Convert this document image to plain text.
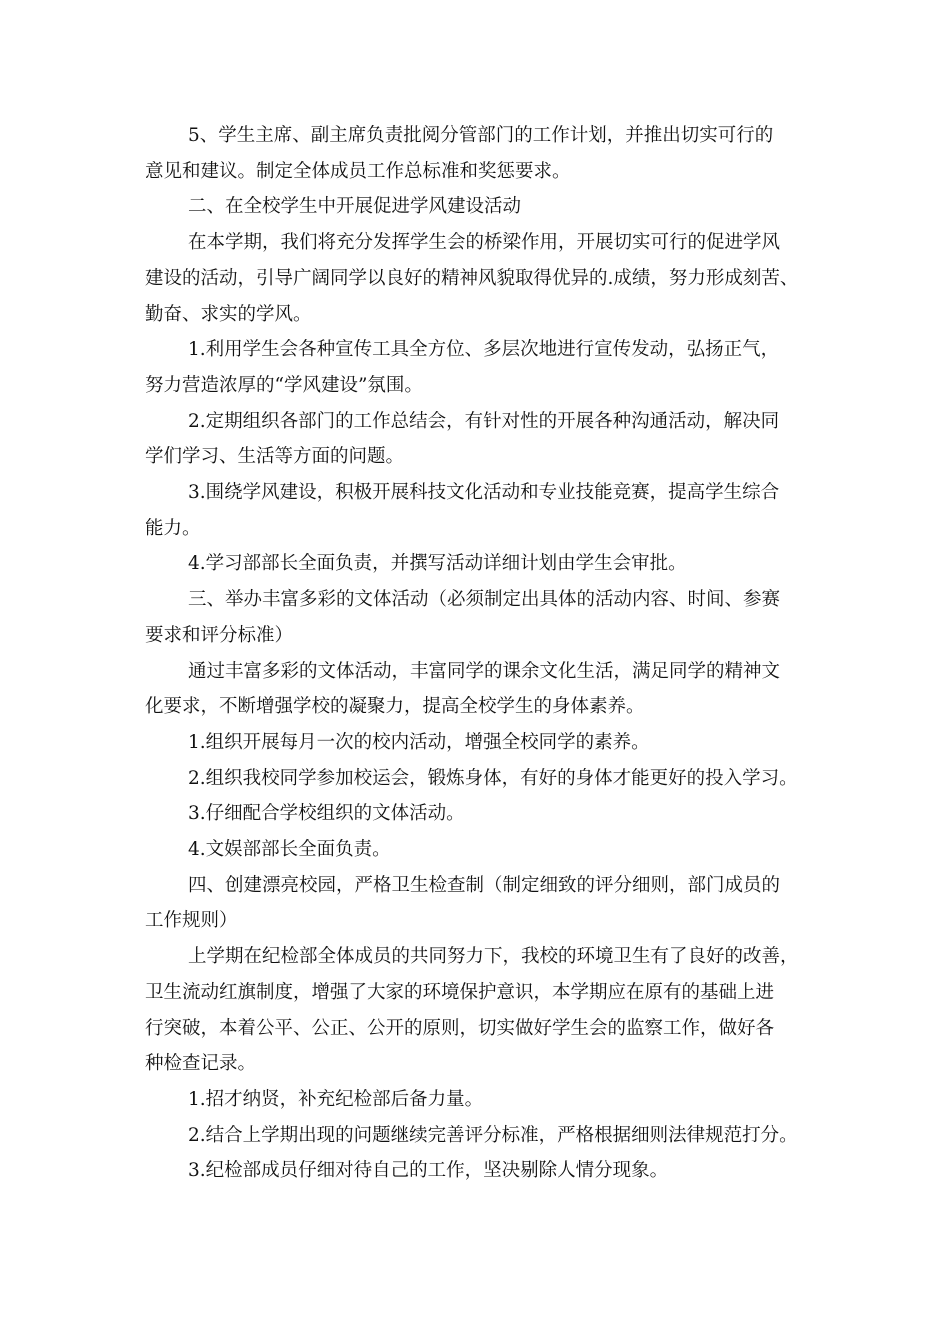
5、学生主席、副主席负责批阅分管部门的工作计划，并推出切实可行的
意见和建议。制定全体成员工作总标准和奖惩要求。
二、在全校学生中开展促进学风建设活动
在本学期，我们将充分发挥学生会的桥梁作用，开展切实可行的促进学风
建设的活动，引导广阔同学以良好的精神风貌取得优异的.成绩，努力形成刻苦、
勤奋、求实的学风。
1.利用学生会各种宣传工具全方位、多层次地进行宣传发动，弘扬正气，
努力营造浓厚的“学风建设”氛围。
2.定期组织各部门的工作总结会，有针对性的开展各种沟通活动，解决同
学们学习、生活等方面的问题。
3.围绕学风建设，积极开展科技文化活动和专业技能竞赛，提高学生综合
能力。
4.学习部部长全面负责，并撰写活动详细计划由学生会审批。
三、举办丰富多彩的文体活动（必须制定出具体的活动内容、时间、参赛
要求和评分标准）
通过丰富多彩的文体活动，丰富同学的课余文化生活，满足同学的精神文
化要求，不断增强学校的凝聚力，提高全校学生的身体素养。
1.组织开展每月一次的校内活动，增强全校同学的素养。
2.组织我校同学参加校运会，锻炼身体，有好的身体才能更好的投入学习。
3.仔细配合学校组织的文体活动。
4.文娱部部长全面负责。
四、创建漂亮校园，严格卫生检查制（制定细致的评分细则，部门成员的
工作规则）
上学期在纪检部全体成员的共同努力下，我校的环境卫生有了良好的改善，
卫生流动红旗制度，增强了大家的环境保护意识，本学期应在原有的基础上进
行突破，本着公平、公正、公开的原则，切实做好学生会的监察工作，做好各
种检查记录。
1.招才纳贤，补充纪检部后备力量。
2.结合上学期出现的问题继续完善评分标准，严格根据细则法律规范打分。
3.纪检部成员仔细对待自己的工作，坚决剔除人情分现象。
